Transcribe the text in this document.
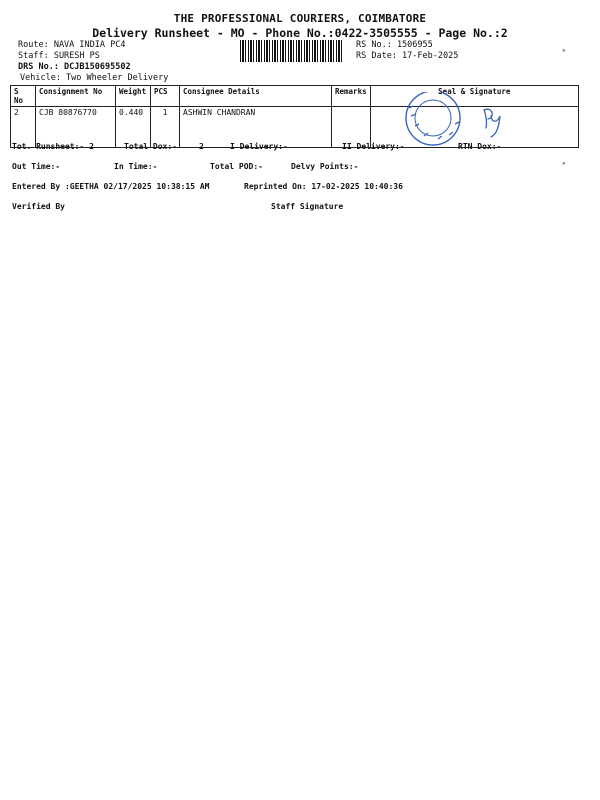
THE PROFESSIONAL COURIERS, COIMBATORE
Delivery Runsheet - MO - Phone No.:0422-3505555 - Page No.:2
Route: NAVA INDIA PC4
Staff: SURESH PS
DRS No.: DCJB150695502
Vehicle: Two Wheeler Delivery
RS No.: 1506955
RS Date: 17-Feb-2025
▪
S No	Consignment No	Weight	PCS	Consignee Details	Remarks	Seal & Signature
2	CJB 80876770	0.440	1	ASHWIN CHANDRAN		
Tot. Runsheet:- 2	Total Dox:-	2	I Delivery:-	II Delivery:-	RTN Dox:-
Out Time:-	In Time:-	Total POD:-	Delvy Points:-	▪
Entered By :GEETHA 02/17/2025 10:38:15 AM	Reprinted On: 17-02-2025 10:40:36
Verified By	Staff Signature
